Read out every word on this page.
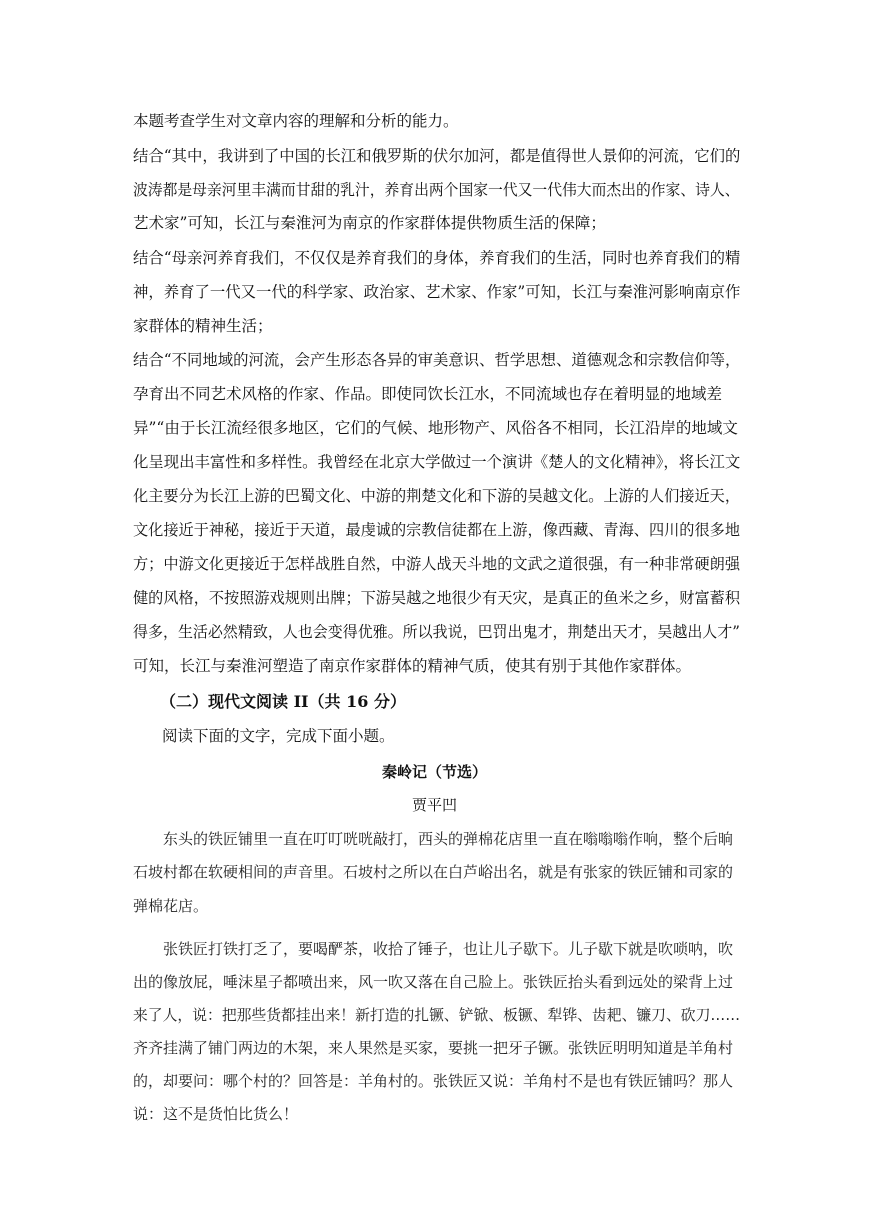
本题考查学生对文章内容的理解和分析的能力。

结合“其中，我讲到了中国的长江和俄罗斯的伏尔加河，都是值得世人景仰的河流，它们的

波涛都是母亲河里丰满而甘甜的乳汁，养育出两个国家一代又一代伟大而杰出的作家、诗人、

艺术家”可知，长江与秦淮河为南京的作家群体提供物质生活的保障；

结合“母亲河养育我们，不仅仅是养育我们的身体，养育我们的生活，同时也养育我们的精

神，养育了一代又一代的科学家、政治家、艺术家、作家”可知，长江与秦淮河影响南京作

家群体的精神生活；

结合“不同地域的河流，会产生形态各异的审美意识、哲学思想、道德观念和宗教信仰等，

孕育出不同艺术风格的作家、作品。即使同饮长江水，不同流域也存在着明显的地域差

异”“由于长江流经很多地区，它们的气候、地形物产、风俗各不相同，长江沿岸的地域文

化呈现出丰富性和多样性。我曾经在北京大学做过一个演讲《楚人的文化精神》，将长江文

化主要分为长江上游的巴蜀文化、中游的荆楚文化和下游的吴越文化。上游的人们接近天，

文化接近于神秘，接近于天道，最虔诚的宗教信徒都在上游，像西藏、青海、四川的很多地

方；中游文化更接近于怎样战胜自然，中游人战天斗地的文武之道很强，有一种非常硬朗强

健的风格，不按照游戏规则出牌；下游吴越之地很少有天灾，是真正的鱼米之乡，财富蓄积

得多，生活必然精致，人也会变得优雅。所以我说，巴罚出鬼才，荆楚出天才，吴越出人才”

可知，长江与秦淮河塑造了南京作家群体的精神气质，使其有别于其他作家群体。

（二）现代文阅读 II（共 16 分）

阅读下面的文字，完成下面小题。

秦岭记（节选）

贾平凹

　　东头的铁匠铺里一直在叮叮咣咣敲打，西头的弹棉花店里一直在嗡嗡嗡作响，整个后晌

石坡村都在软硬相间的声音里。石坡村之所以在白芦峪出名，就是有张家的铁匠铺和司家的

弹棉花店。

　　张铁匠打铁打乏了，要喝酽茶，收拾了锤子，也让儿子歇下。儿子歇下就是吹唢呐，吹

出的像放屁，唾沫星子都喷出来，风一吹又落在自己脸上。张铁匠抬头看到远处的梁背上过

来了人，说：把那些货都挂出来！新打造的扎镢、铲锨、板镢、犁铧、齿耙、镰刀、砍刀……

齐齐挂满了铺门两边的木架，来人果然是买家，要挑一把牙子镢。张铁匠明明知道是羊角村

的，却要问：哪个村的？回答是：羊角村的。张铁匠又说：羊角村不是也有铁匠铺吗？那人

说：这不是货怕比货么！
